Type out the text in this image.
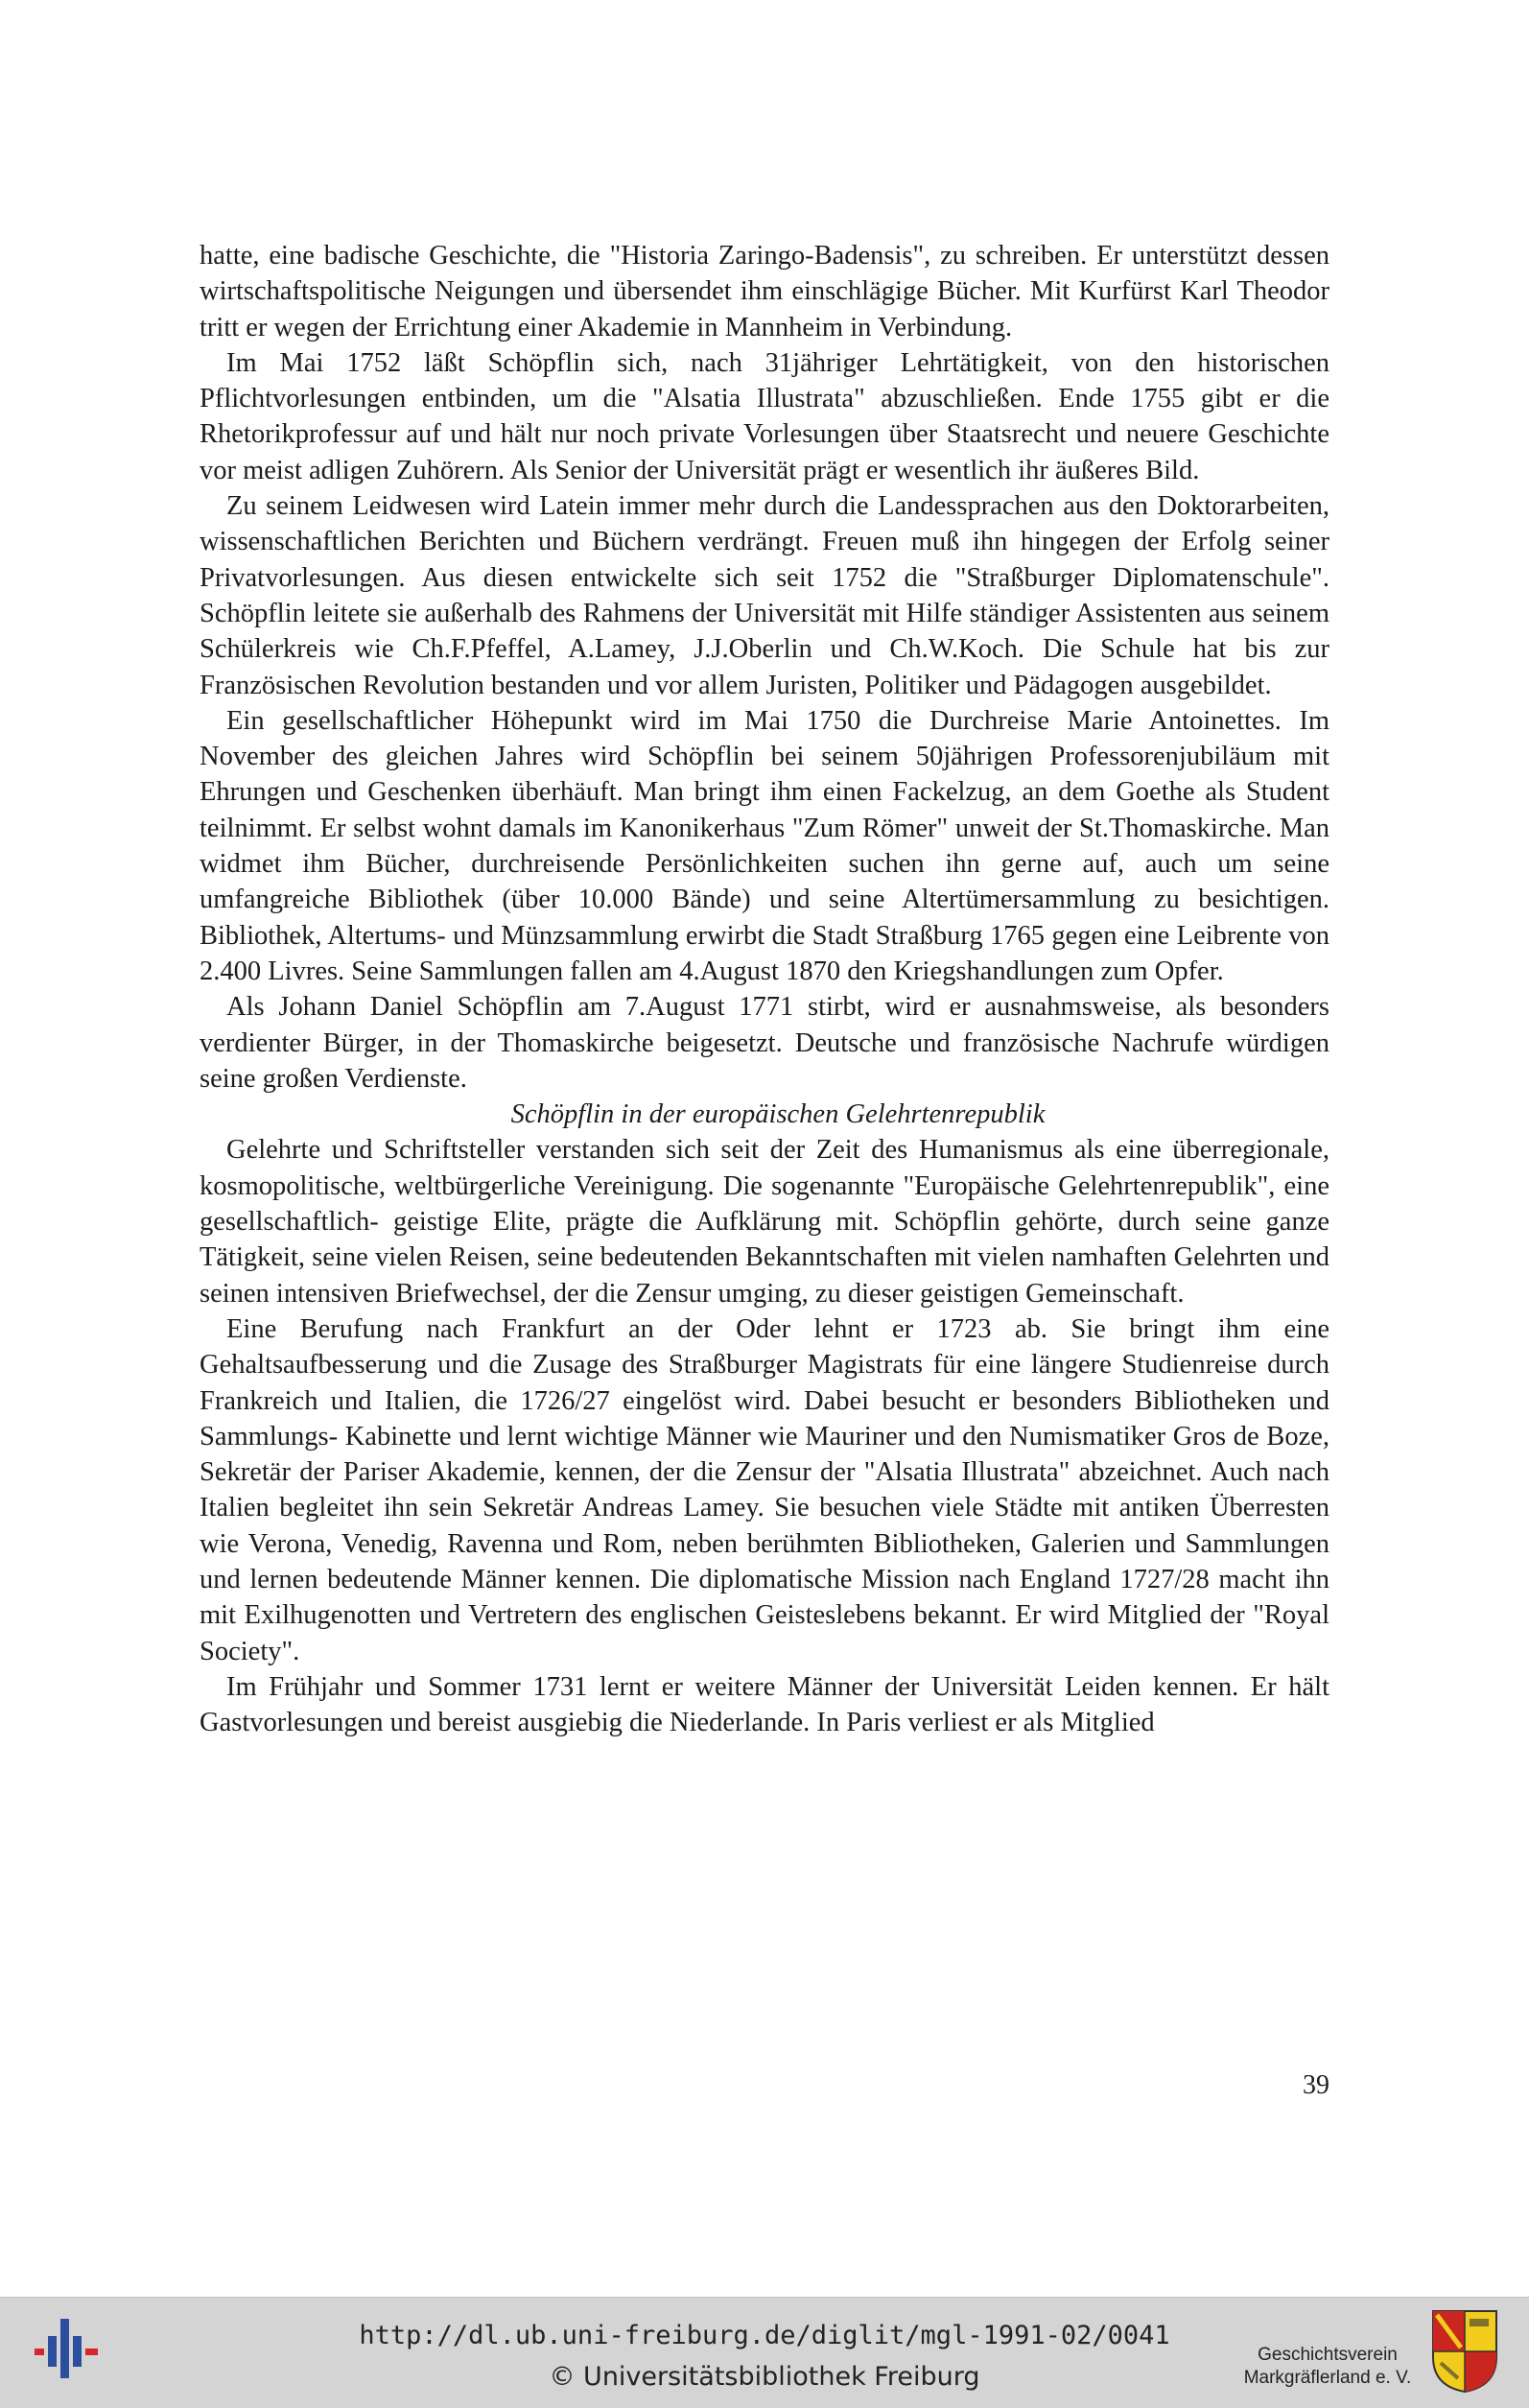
hatte, eine badische Geschichte, die "Historia Zaringo-Badensis", zu schreiben. Er unterstützt dessen wirtschaftspolitische Neigungen und übersendet ihm einschlägige Bücher. Mit Kurfürst Karl Theodor tritt er wegen der Errichtung einer Akademie in Mannheim in Verbindung.

Im Mai 1752 läßt Schöpflin sich, nach 31jähriger Lehrtätigkeit, von den historischen Pflichtvorlesungen entbinden, um die "Alsatia Illustrata" abzuschließen. Ende 1755 gibt er die Rhetorikprofessur auf und hält nur noch private Vorlesungen über Staatsrecht und neuere Geschichte vor meist adligen Zuhörern. Als Senior der Universität prägt er wesentlich ihr äußeres Bild.

Zu seinem Leidwesen wird Latein immer mehr durch die Landessprachen aus den Doktorarbeiten, wissenschaftlichen Berichten und Büchern verdrängt. Freuen muß ihn hingegen der Erfolg seiner Privatvorlesungen. Aus diesen entwickelte sich seit 1752 die "Straßburger Diplomatenschule". Schöpflin leitete sie außerhalb des Rahmens der Universität mit Hilfe ständiger Assistenten aus seinem Schülerkreis wie Ch.F.Pfeffel, A.Lamey, J.J.Oberlin und Ch.W.Koch. Die Schule hat bis zur Französischen Revolution bestanden und vor allem Juristen, Politiker und Pädagogen ausgebildet.

Ein gesellschaftlicher Höhepunkt wird im Mai 1750 die Durchreise Marie Antoinettes. Im November des gleichen Jahres wird Schöpflin bei seinem 50jährigen Professorenjubiläum mit Ehrungen und Geschenken überhäuft. Man bringt ihm einen Fackelzug, an dem Goethe als Student teilnimmt. Er selbst wohnt damals im Kanonikerhaus "Zum Römer" unweit der St.Thomaskirche. Man widmet ihm Bücher, durchreisende Persönlichkeiten suchen ihn gerne auf, auch um seine umfangreiche Bibliothek (über 10.000 Bände) und seine Altertümersammlung zu besichtigen. Bibliothek, Altertums- und Münzsammlung erwirbt die Stadt Straßburg 1765 gegen eine Leibrente von 2.400 Livres. Seine Sammlungen fallen am 4.August 1870 den Kriegshandlungen zum Opfer.

Als Johann Daniel Schöpflin am 7.August 1771 stirbt, wird er ausnahmsweise, als besonders verdienter Bürger, in der Thomaskirche beigesetzt. Deutsche und französische Nachrufe würdigen seine großen Verdienste.

Schöpflin in der europäischen Gelehrtenrepublik

Gelehrte und Schriftsteller verstanden sich seit der Zeit des Humanismus als eine überregionale, kosmopolitische, weltbürgerliche Vereinigung. Die sogenannte "Europäische Gelehrtenrepublik", eine gesellschaftlich- geistige Elite, prägte die Aufklärung mit. Schöpflin gehörte, durch seine ganze Tätigkeit, seine vielen Reisen, seine bedeutenden Bekanntschaften mit vielen namhaften Gelehrten und seinen intensiven Briefwechsel, der die Zensur umging, zu dieser geistigen Gemeinschaft.

Eine Berufung nach Frankfurt an der Oder lehnt er 1723 ab. Sie bringt ihm eine Gehaltsaufbesserung und die Zusage des Straßburger Magistrats für eine längere Studienreise durch Frankreich und Italien, die 1726/27 eingelöst wird. Dabei besucht er besonders Bibliotheken und Sammlungs- Kabinette und lernt wichtige Männer wie Mauriner und den Numismatiker Gros de Boze, Sekretär der Pariser Akademie, kennen, der die Zensur der "Alsatia Illustrata" abzeichnet. Auch nach Italien begleitet ihn sein Sekretär Andreas Lamey. Sie besuchen viele Städte mit antiken Überresten wie Verona, Venedig, Ravenna und Rom, neben berühmten Bibliotheken, Galerien und Sammlungen und lernen bedeutende Männer kennen. Die diplomatische Mission nach England 1727/28 macht ihn mit Exilhugenotten und Vertretern des englischen Geisteslebens bekannt. Er wird Mitglied der "Royal Society".

Im Frühjahr und Sommer 1731 lernt er weitere Männer der Universität Leiden kennen. Er hält Gastvorlesungen und bereist ausgiebig die Niederlande. In Paris verliest er als Mitglied

39
http://dl.ub.uni-freiburg.de/diglit/mgl-1991-02/0041
© Universitätsbibliothek Freiburg
Geschichtsverein
Markgräflerland e. V.
